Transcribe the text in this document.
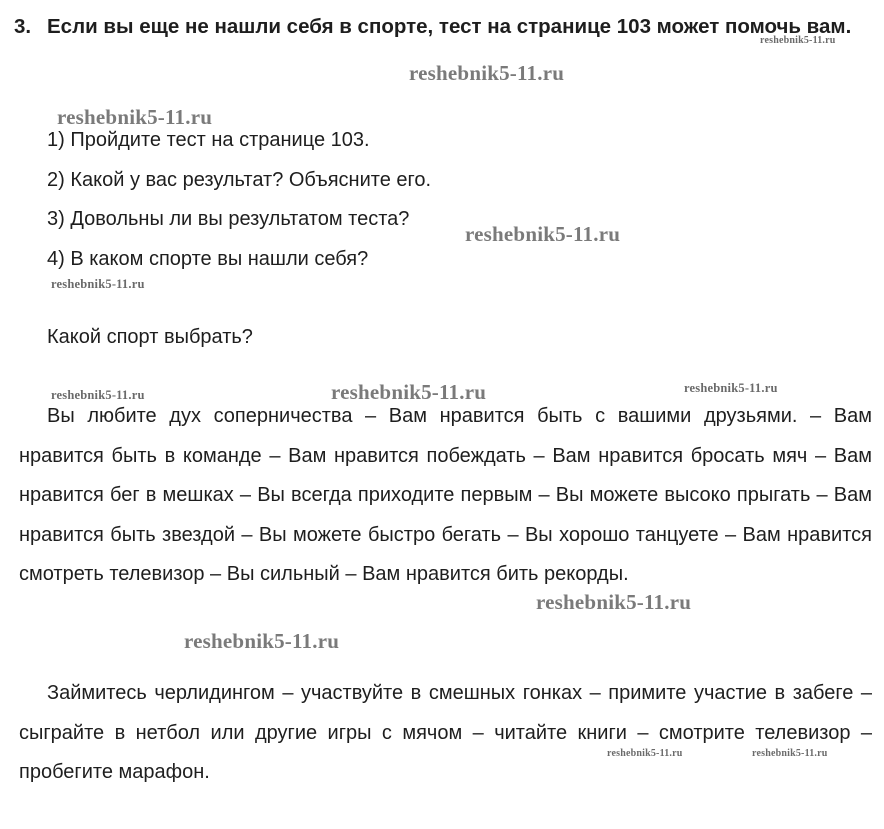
3. Если вы еще не нашли себя в спорте, тест на странице 103 может помочь вам.
1) Пройдите тест на странице 103.
2) Какой у вас результат? Объясните его.
3) Довольны ли вы результатом теста?
4) В каком спорте вы нашли себя?
Какой спорт выбрать?

Вы любите дух соперничества – Вам нравится быть с вашими друзьями. – Вам нравится быть в команде – Вам нравится побеждать – Вам нравится бросать мяч – Вам нравится бег в мешках – Вы всегда приходите первым – Вы можете высоко прыгать – Вам нравится быть звездой – Вы можете быстро бегать – Вы хорошо танцуете – Вам нравится смотреть телевизор – Вы сильный – Вам нравится бить рекорды.

Займитесь черлидингом – участвуйте в смешных гонках – примите участие в забеге – сыграйте в нетбол или другие игры с мячом – читайте книги – смотрите телевизор – пробегите марафон.

reshebnik5-11.ru
reshebnik5-11.ru
reshebnik5-11.ru
reshebnik5-11.ru
reshebnik5-11.ru
reshebnik5-11.ru	reshebnik5-11.ru	reshebnik5-11.ru
reshebnik5-11.ru
reshebnik5-11.ru
reshebnik5-11.ru	reshebnik5-11.ru
